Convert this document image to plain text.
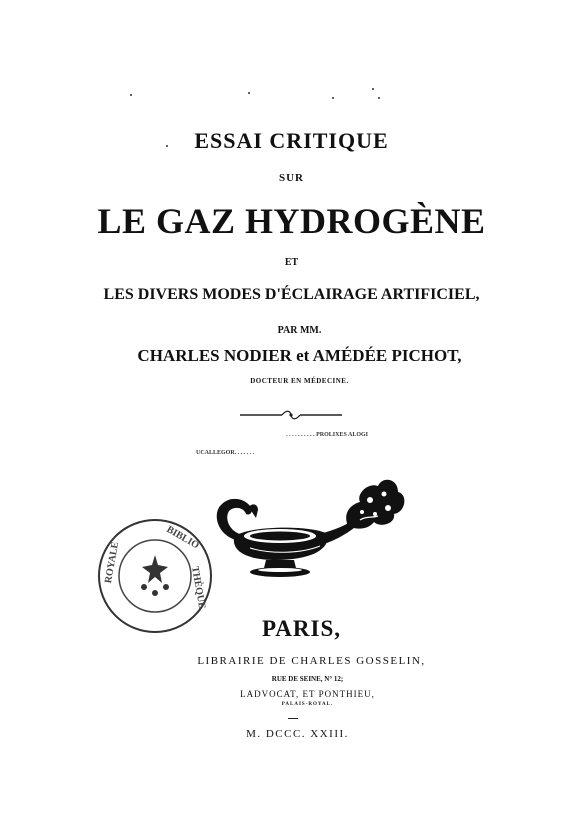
ESSAI CRITIQUE
SUR
LE GAZ HYDROGÈNE
ET
LES DIVERS MODES D'ÉCLAIRAGE ARTIFICIEL,
PAR MM.
CHARLES NODIER et AMÉDÉE PICHOT,
DOCTEUR EN MÉDECINE.
. . . . . . . . . . PROLIXES ALOGI
UCALLEGOR. . . . . . .
ROYALE
BIBLIO
THÈQUE
PARIS,
LIBRAIRIE DE CHARLES GOSSELIN,
RUE DE SEINE, N° 12;
LADVOCAT, ET PONTHIEU,
PALAIS-ROYAL.
M. DCCC. XXIII.
